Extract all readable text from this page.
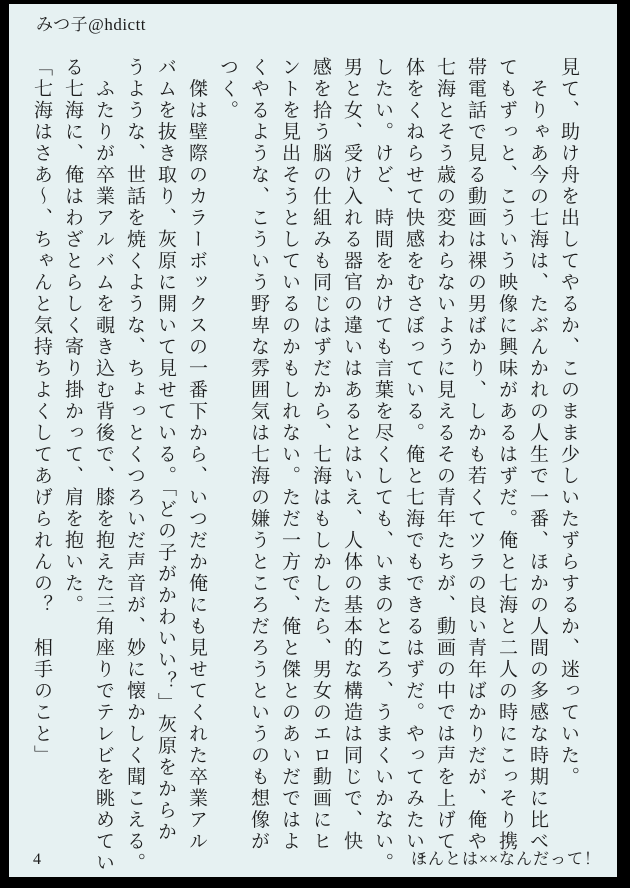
みつ子@hdictt
見て、助け舟を出してやるか、このまま少しいたずらするか、迷っていた。
　そりゃあ今の七海は、たぶんかれの人生で一番、ほかの人間の多感な時期に比べ
てもずっと、こういう映像に興味があるはずだ。俺と七海と二人の時にこっそり携
帯電話で見る動画は裸の男ばかり、しかも若くてツラの良い青年ばかりだが、俺や
七海とそう歳の変わらないように見えるその青年たちが、動画の中では声を上げて
体をくねらせて快感をむさぼっている。俺と七海でもできるはずだ。やってみたい。
したい。けど、時間をかけても言葉を尽くしても、いまのところ、うまくいかない。
男と女、受け入れる器官の違いはあるとはいえ、人体の基本的な構造は同じで、快
感を拾う脳の仕組みも同じはずだから、七海はもしかしたら、男女のエロ動画にヒ
ントを見出そうとしているのかもしれない。ただ一方で、俺と傑とのあいだではよ
くやるような、こういう野卑な雰囲気は七海の嫌うところだろうというのも想像が
つく。
　傑は壁際のカラーボックスの一番下から、いつだか俺にも見せてくれた卒業アル
バムを抜き取り、灰原に開いて見せている。「どの子がかわいい？」灰原をからか
うような、世話を焼くような、ちょっとくつろいだ声音が、妙に懐かしく聞こえる。
　ふたりが卒業アルバムを覗き込む背後で、膝を抱えた三角座りでテレビを眺めてい
る七海に、俺はわざとらしく寄り掛かって、肩を抱いた。
「七海はさあ～、ちゃんと気持ちよくしてあげられんの？　相手のこと」
4	ほんとは××なんだって！
